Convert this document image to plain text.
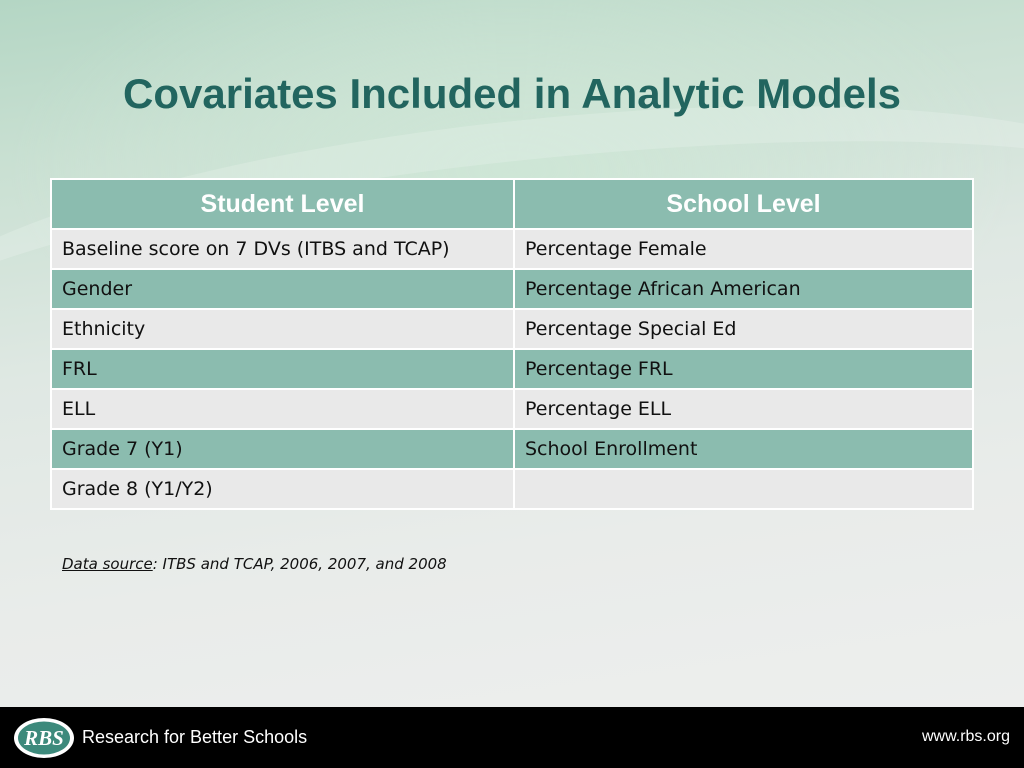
Covariates Included in Analytic Models
Student Level	School Level
Baseline score on 7 DVs (ITBS and TCAP)	Percentage Female
Gender	Percentage African American
Ethnicity	Percentage Special Ed
FRL	Percentage FRL
ELL	Percentage ELL
Grade 7 (Y1)	School Enrollment
Grade 8 (Y1/Y2)	
Data source: ITBS and TCAP, 2006, 2007, and 2008
RBS Research for Better Schools	www.rbs.org
